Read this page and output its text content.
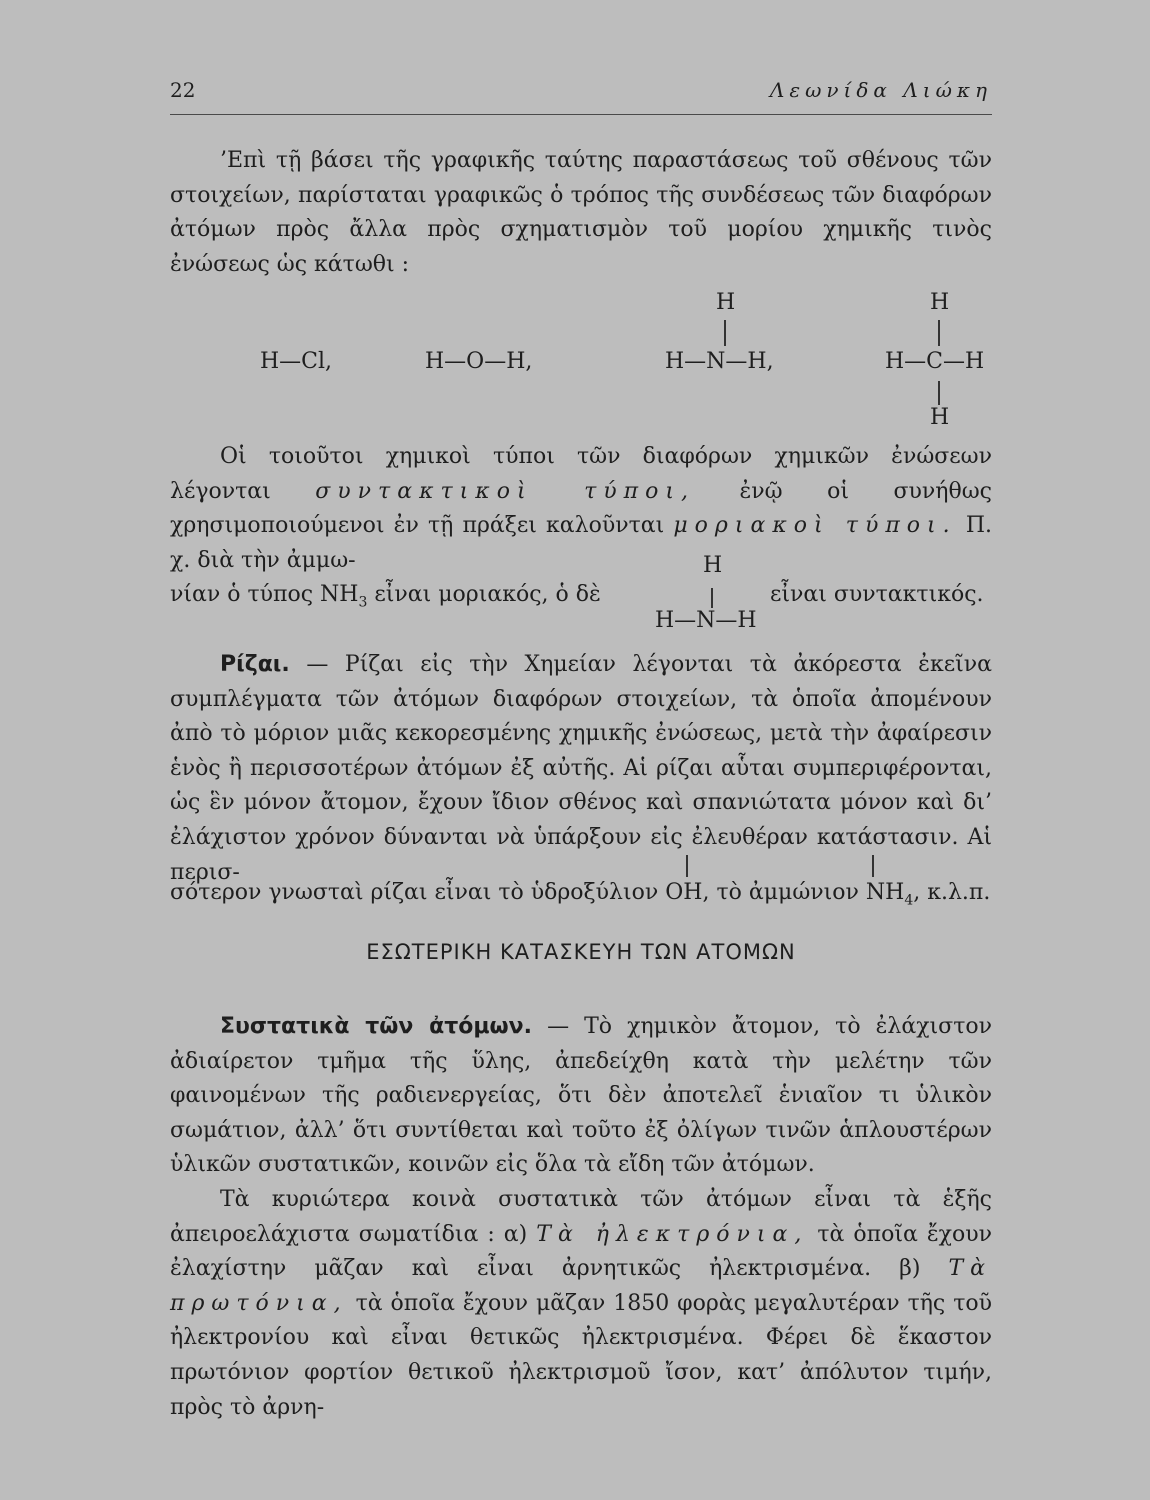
22	Λεωνίδα Λιώκη

’Επὶ τῇ βάσει τῆς γραφικῆς ταύτης παραστάσεως τοῦ σθένους τῶν στοιχείων, παρίσταται γραφικῶς ὁ τρόπος τῆς συνδέσεως τῶν διαφόρων ἀτόμων πρὸς ἄλλα πρὸς σχηματισμὸν τοῦ μορίου χημικῆς τινὸς ἐνώσεως ὡς κάτωθι :

H—Cl,	H—O—H,
H
H—N—H,
H
H—C—H
H

Οἱ τοιοῦτοι χημικοὶ τύποι τῶν διαφόρων χημικῶν ἐνώσεων λέγονται συντακτικοὶ τύποι, ἐνῷ οἱ συνήθως χρησιμοποιούμενοι ἐν τῇ πράξει καλοῦνται μοριακοὶ τύποι. Π. χ. διὰ τὴν ἀμμω-

νίαν ὁ τύπος $NH_3$ εἶναι μοριακός, ὁ δὲ
H
H—N—H
εἶναι συντακτικός.

Ρίζαι. — Ρίζαι εἰς τὴν Χημείαν λέγονται τὰ ἀκόρεστα ἐκεῖνα συμπλέγματα τῶν ἀτόμων διαφόρων στοιχείων, τὰ ὁποῖα ἀπομένουν ἀπὸ τὸ μόριον μιᾶς κεκορεσμένης χημικῆς ἐνώσεως, μετὰ τὴν ἀφαίρεσιν ἑνὸς ἢ περισσοτέρων ἀτόμων ἐξ αὐτῆς. Αἱ ρίζαι αὗται συμπεριφέρονται, ὡς ἓν μόνον ἄτομον, ἔχουν ἴδιον σθένος καὶ σπανιώτατα μόνον καὶ δι’ ἐλάχιστον χρόνον δύνανται νὰ ὑπάρξουν εἰς ἐλευθέραν κατάστασιν. Αἱ περισ-

σότερον γνωσταὶ ρίζαι εἶναι τὸ ὑδροξύλιον OH, τὸ ἀμμώνιον $NH_4$, κ.λ.π.
ΕΣΩΤΕΡΙΚΗ ΚΑΤΑΣΚΕΥΗ ΤΩΝ ΑΤΟΜΩΝ

Συστατικὰ τῶν ἀτόμων. — Τὸ χημικὸν ἄτομον, τὸ ἐλάχιστον ἀδιαίρετον τμῆμα τῆς ὕλης, ἀπεδείχθη κατὰ τὴν μελέτην τῶν φαινομένων τῆς ραδιενεργείας, ὅτι δὲν ἀποτελεῖ ἑνιαῖον τι ὑλικὸν σωμάτιον, ἀλλ’ ὅτι συντίθεται καὶ τοῦτο ἐξ ὀλίγων τινῶν ἁπλουστέρων ὑλικῶν συστατικῶν, κοινῶν εἰς ὅλα τὰ εἴδη τῶν ἀτόμων.

Τὰ κυριώτερα κοινὰ συστατικὰ τῶν ἀτόμων εἶναι τὰ ἑξῆς ἀπειροελάχιστα σωματίδια : α) Τὰ ἠλεκτρόνια, τὰ ὁποῖα ἔχουν ἐλαχίστην μᾶζαν καὶ εἶναι ἀρνητικῶς ἠλεκτρισμένα. β) Τὰ πρωτόνια, τὰ ὁποῖα ἔχουν μᾶζαν 1850 φορὰς μεγαλυτέραν τῆς τοῦ ἠλεκτρονίου καὶ εἶναι θετικῶς ἠλεκτρισμένα. Φέρει δὲ ἕκαστον πρωτόνιον φορτίον θετικοῦ ἠλεκτρισμοῦ ἴσον, κατ’ ἀπόλυτον τιμήν, πρὸς τὸ ἀρνη-
